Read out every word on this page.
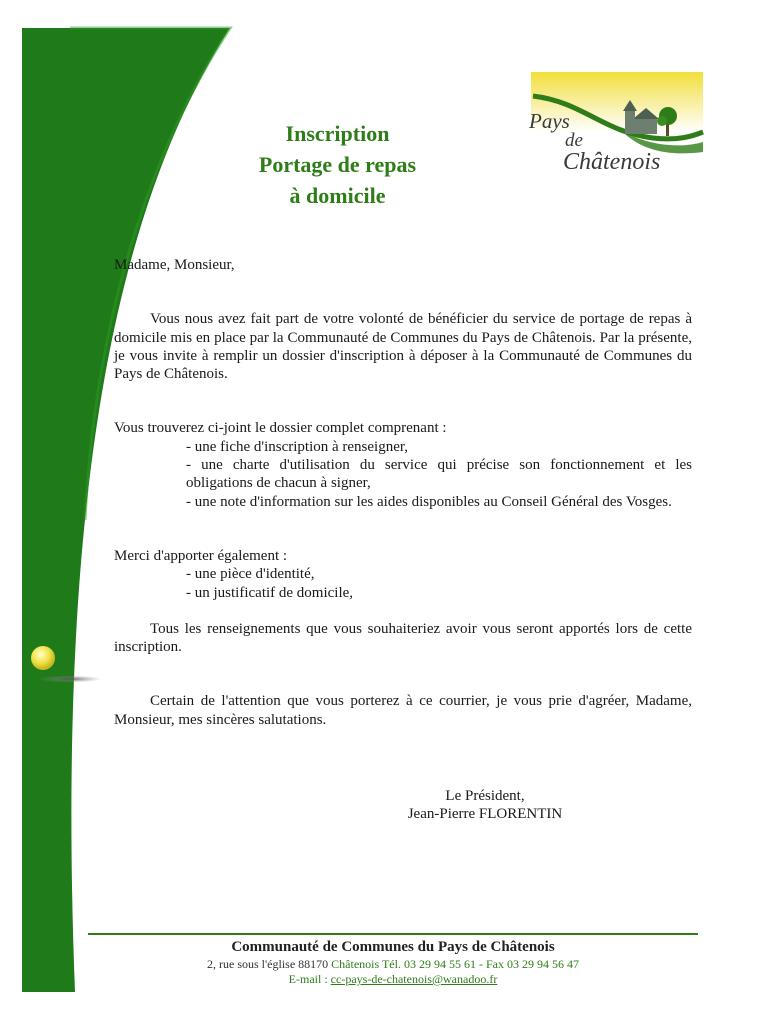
Inscription
Portage de repas
à domicile
Pays
de
Châtenois

Madame, Monsieur,

Vous nous avez fait part de votre volonté de bénéficier du service de portage de repas à domicile mis en place par la Communauté de Communes du Pays de Châtenois. Par la présente, je vous invite à remplir un dossier d'inscription à déposer à la Communauté de Communes du Pays de Châtenois.

Vous trouverez ci-joint le dossier complet comprenant :

- une fiche d'inscription à renseigner,

- une charte d'utilisation du service qui précise son fonctionnement et les obligations de chacun à signer,

- une note d'information sur les aides disponibles au Conseil Général des Vosges.

Merci d'apporter également :

- une pièce d'identité,

- un justificatif de domicile,

Tous les renseignements que vous souhaiteriez avoir vous seront apportés lors de cette inscription.

Certain de l'attention que vous porterez à ce courrier, je vous prie d'agréer, Madame, Monsieur, mes sincères salutations.

Le Président,
Jean-Pierre FLORENTIN
Communauté de Communes du Pays de Châtenois
2, rue sous l'église 88170 Châtenois Tél. 03 29 94 55 61 - Fax 03 29 94 56 47
E-mail : cc-pays-de-chatenois@wanadoo.fr
